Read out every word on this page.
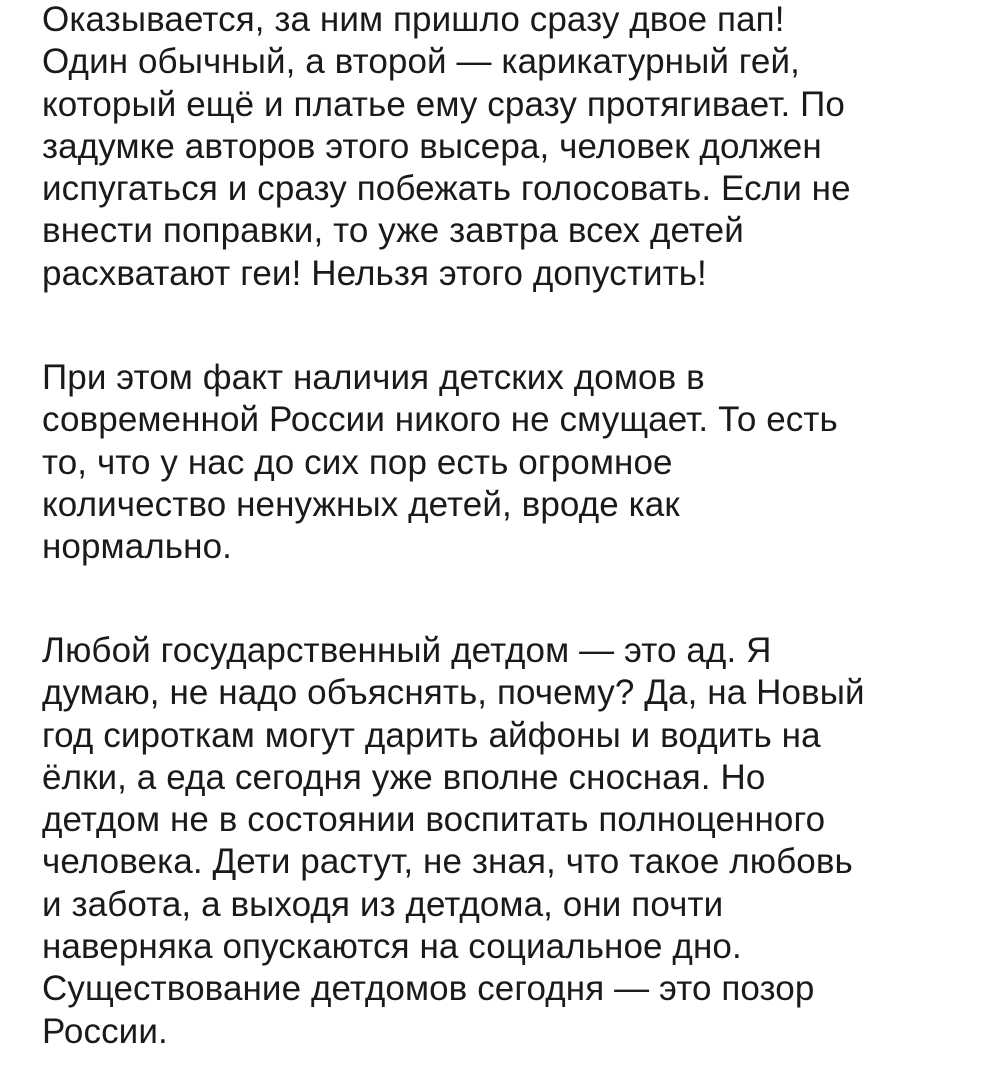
Оказывается, за ним пришло сразу двое пап!
Один обычный, а второй — карикатурный гей,
который ещё и платье ему сразу протягивает. По
задумке авторов этого высера, человек должен
испугаться и сразу побежать голосовать. Если не
внести поправки, то уже завтра всех детей
расхватают геи! Нельзя этого допустить!

При этом факт наличия детских домов в
современной России никого не смущает. То есть
то, что у нас до сих пор есть огромное
количество ненужных детей, вроде как
нормально.

Любой государственный детдом — это ад. Я
думаю, не надо объяснять, почему? Да, на Новый
год сироткам могут дарить айфоны и водить на
ёлки, а еда сегодня уже вполне сносная. Но
детдом не в состоянии воспитать полноценного
человека. Дети растут, не зная, что такое любовь
и забота, а выходя из детдома, они почти
наверняка опускаются на социальное дно.
Существование детдомов сегодня — это позор
России.
